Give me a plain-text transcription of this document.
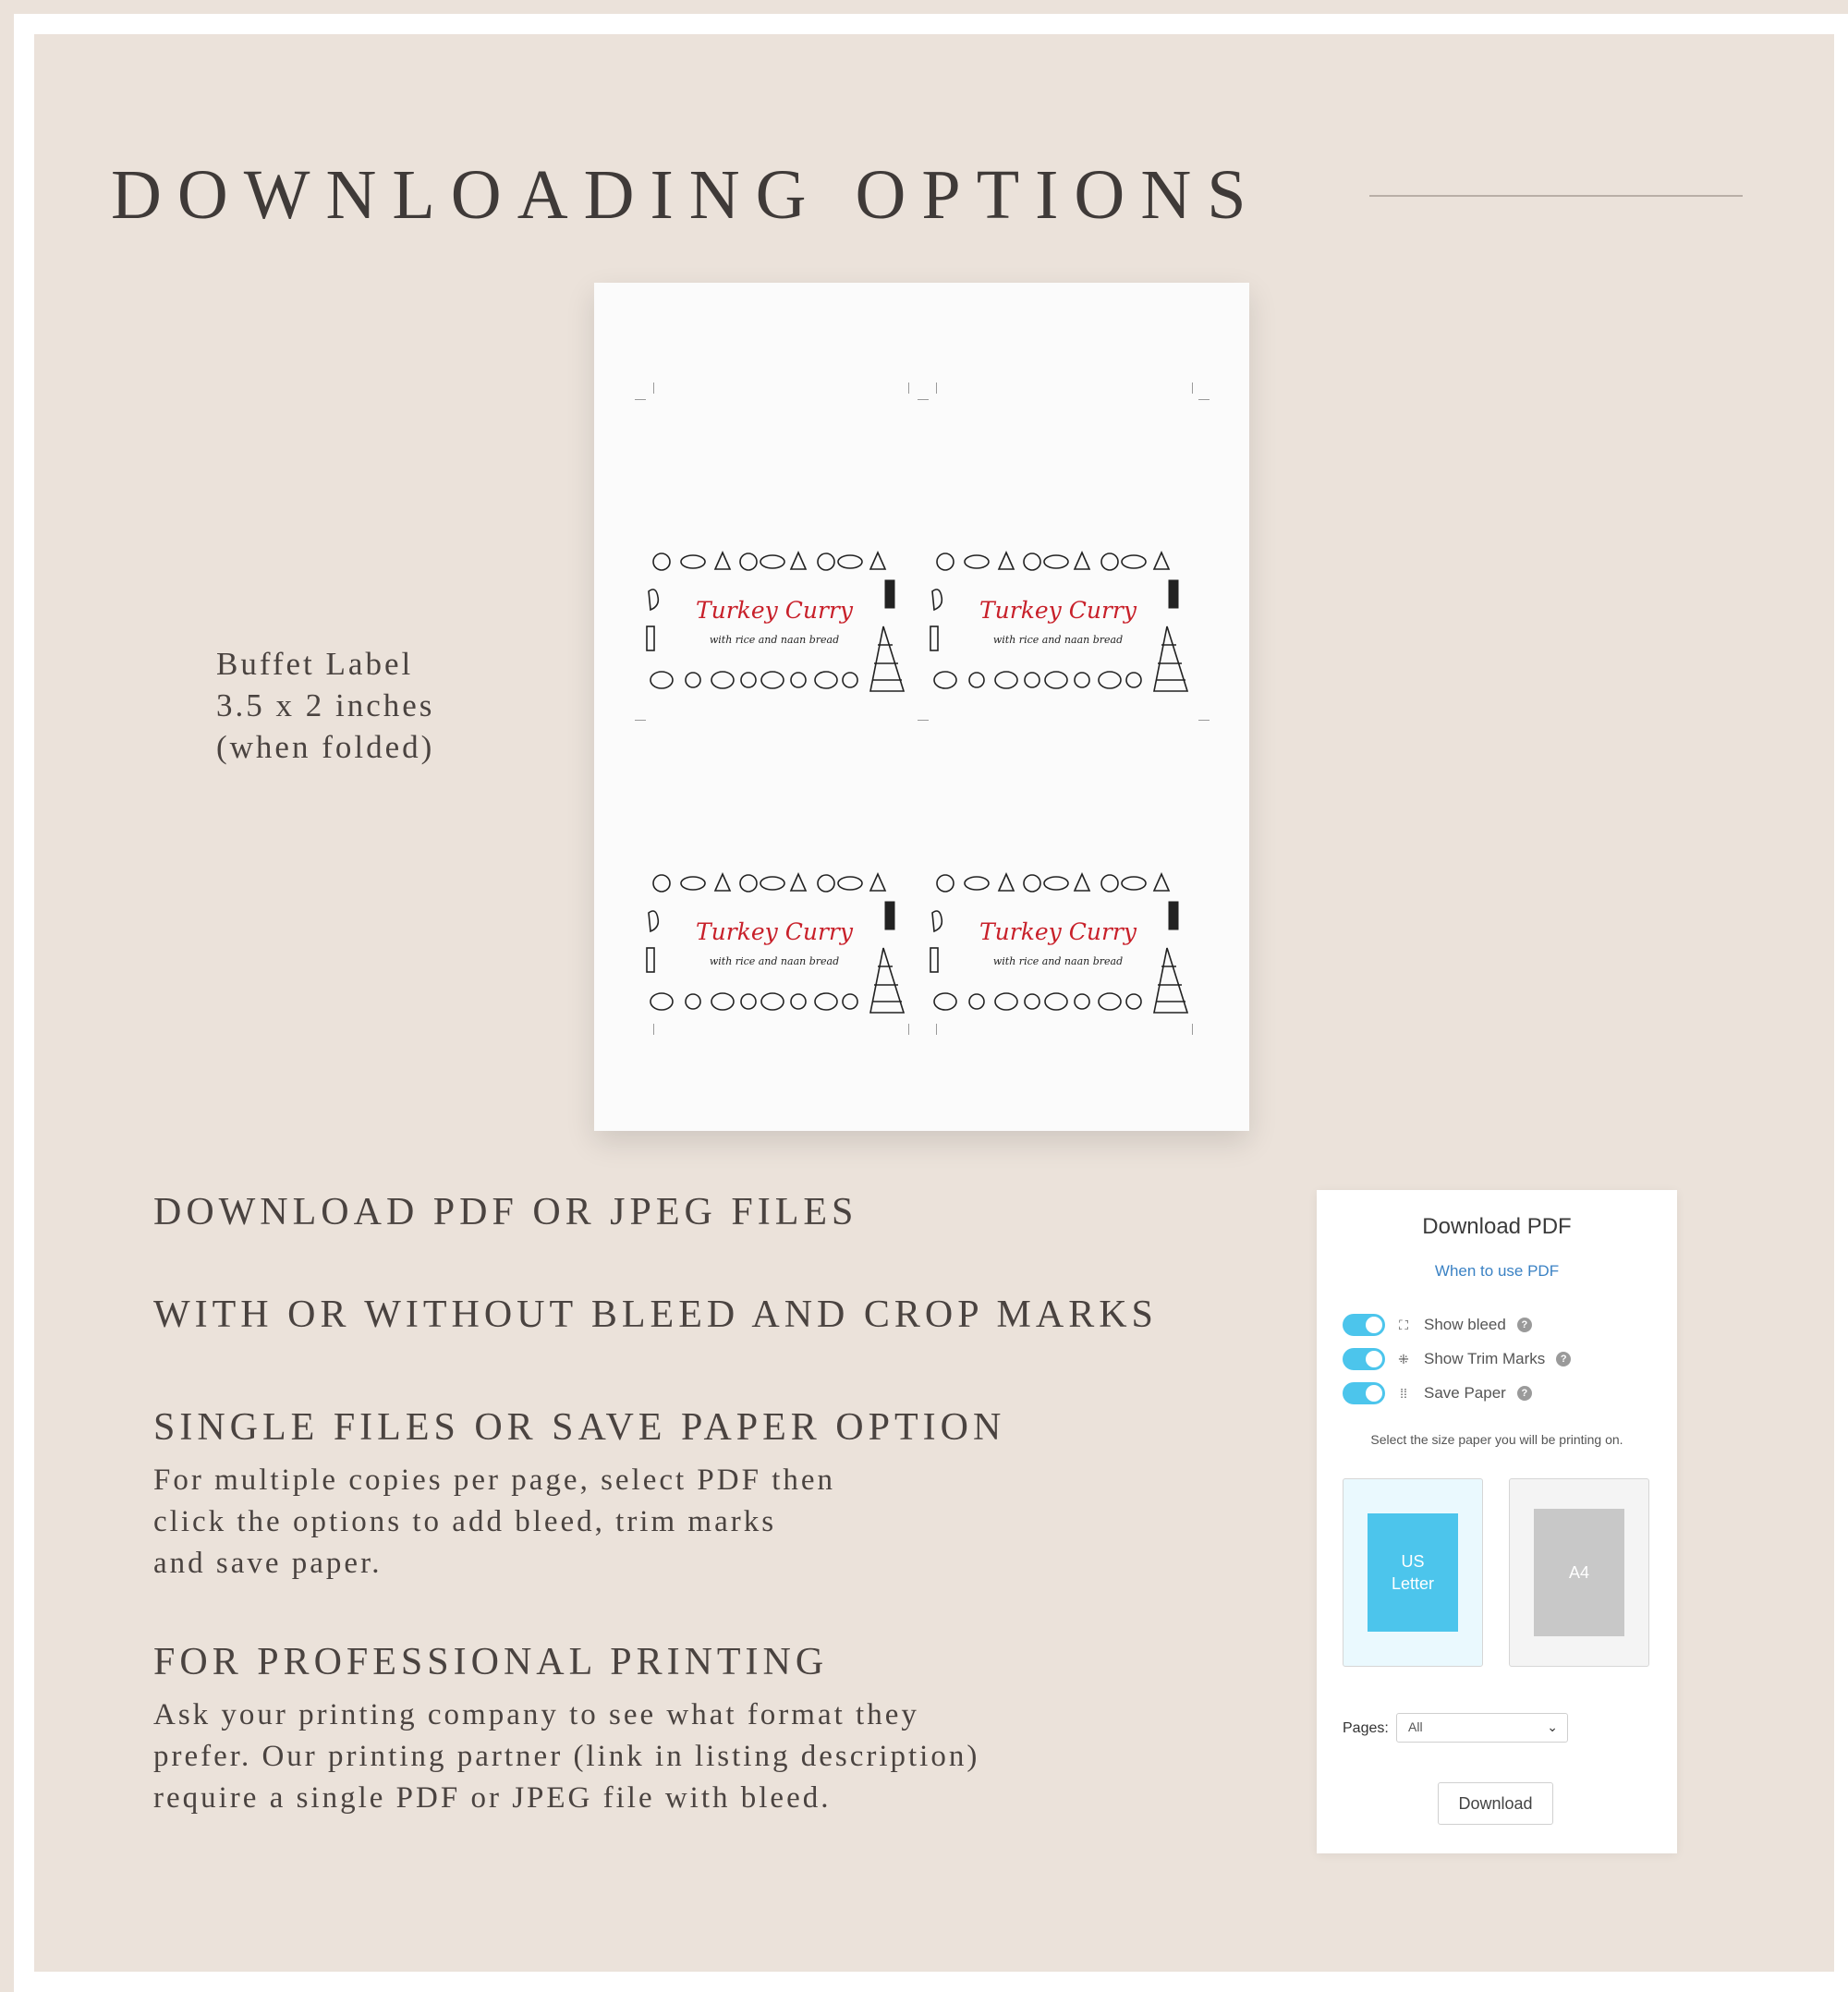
DOWNLOADING OPTIONS
Buffet Label
3.5 x 2 inches
(when folded)
Turkey Curry
with rice and naan bread
Turkey Curry
with rice and naan bread
Turkey Curry
with rice and naan bread
Turkey Curry
with rice and naan bread
DOWNLOAD PDF OR JPEG FILES
WITH OR WITHOUT BLEED AND CROP MARKS
SINGLE FILES OR SAVE PAPER OPTION
For multiple copies per page, select PDF then
click the options to add bleed, trim marks
and save paper.
FOR PROFESSIONAL PRINTING
Ask your printing company to see what format they
prefer. Our printing partner (link in listing description)
require a single PDF or JPEG file with bleed.
Download PDF
When to use PDF
⛶ Show bleed	?
⁜ Show Trim Marks	?
⁞⁞ Save Paper	?
Select the size paper you will be printing on.
US
Letter
A4
Pages:	All	⌄
Download
